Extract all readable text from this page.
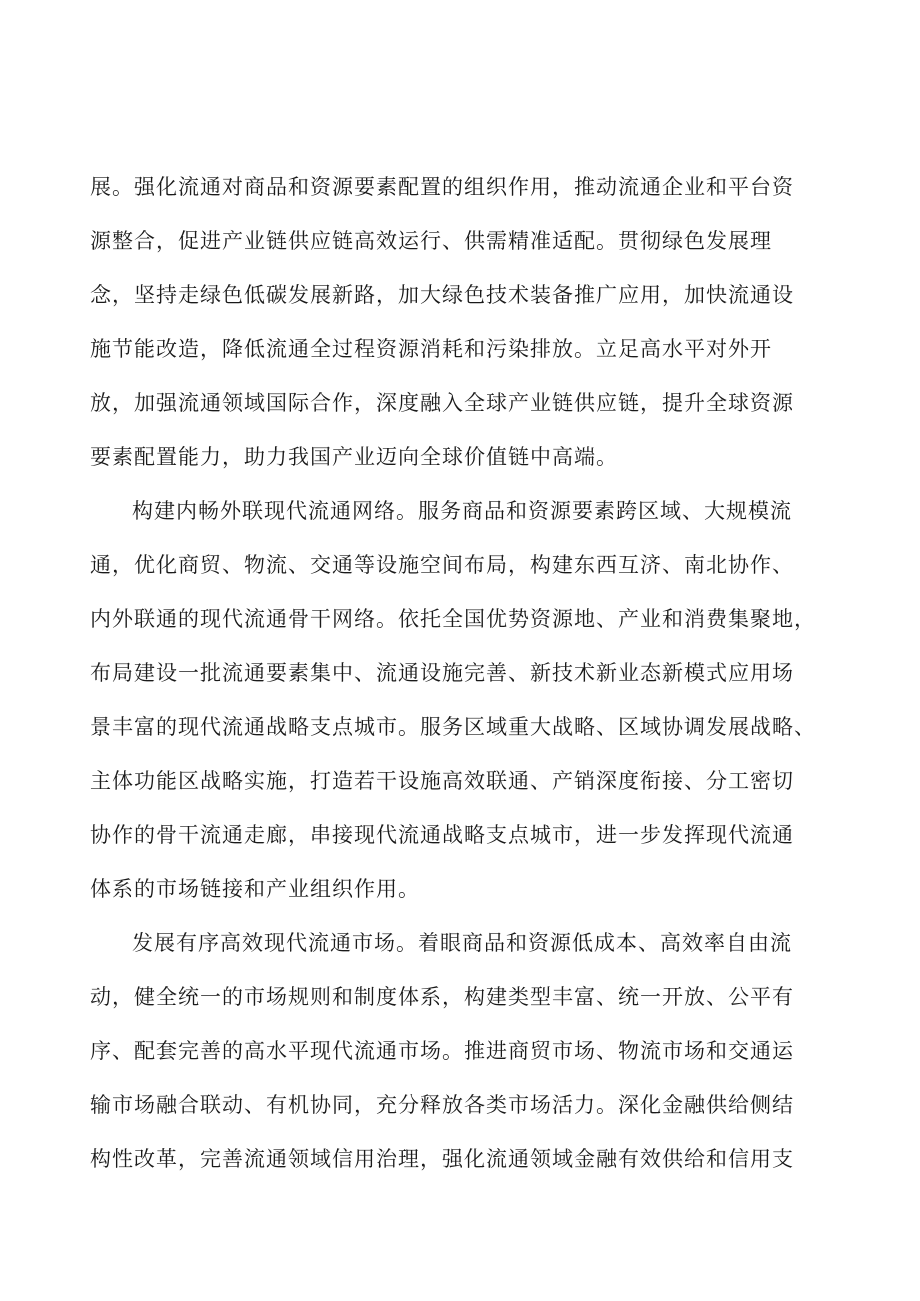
展。强化流通对商品和资源要素配置的组织作用，推动流通企业和平台资
源整合，促进产业链供应链高效运行、供需精准适配。贯彻绿色发展理
念，坚持走绿色低碳发展新路，加大绿色技术装备推广应用，加快流通设
施节能改造，降低流通全过程资源消耗和污染排放。立足高水平对外开
放，加强流通领域国际合作，深度融入全球产业链供应链，提升全球资源
要素配置能力，助力我国产业迈向全球价值链中高端。
构建内畅外联现代流通网络。服务商品和资源要素跨区域、大规模流
通，优化商贸、物流、交通等设施空间布局，构建东西互济、南北协作、
内外联通的现代流通骨干网络。依托全国优势资源地、产业和消费集聚地，
布局建设一批流通要素集中、流通设施完善、新技术新业态新模式应用场
景丰富的现代流通战略支点城市。服务区域重大战略、区域协调发展战略、
主体功能区战略实施，打造若干设施高效联通、产销深度衔接、分工密切
协作的骨干流通走廊，串接现代流通战略支点城市，进一步发挥现代流通
体系的市场链接和产业组织作用。
发展有序高效现代流通市场。着眼商品和资源低成本、高效率自由流
动，健全统一的市场规则和制度体系，构建类型丰富、统一开放、公平有
序、配套完善的高水平现代流通市场。推进商贸市场、物流市场和交通运
输市场融合联动、有机协同，充分释放各类市场活力。深化金融供给侧结
构性改革，完善流通领域信用治理，强化流通领域金融有效供给和信用支
